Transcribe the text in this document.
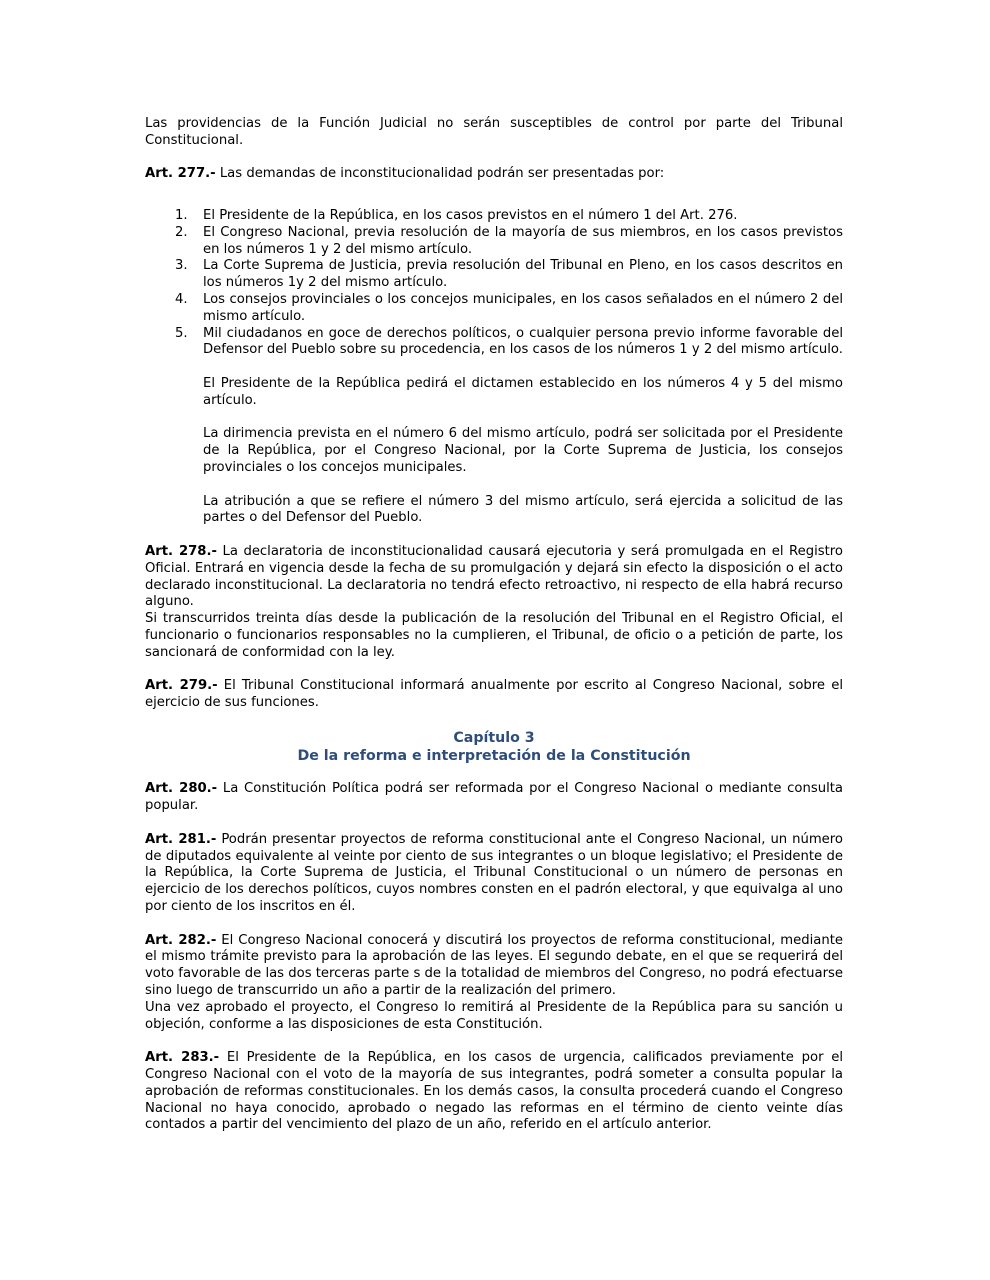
Las providencias de la Función Judicial no serán susceptibles de control por parte del Tribunal Constitucional.

Art. 277.- Las demandas de inconstitucionalidad podrán ser presentadas por:

1. El Presidente de la República, en los casos previstos en el número 1 del Art. 276.
2. El Congreso Nacional, previa resolución de la mayoría de sus miembros, en los casos previstos en los números 1 y 2 del mismo artículo.
3. La Corte Suprema de Justicia, previa resolución del Tribunal en Pleno, en los casos descritos en los números 1y 2 del mismo artículo.
4. Los consejos provinciales o los concejos municipales, en los casos señalados en el número 2 del mismo artículo.
5. Mil ciudadanos en goce de derechos políticos, o cualquier persona previo informe favorable del Defensor del Pueblo sobre su procedencia, en los casos de los números 1 y 2 del mismo artículo.

El Presidente de la República pedirá el dictamen establecido en los números 4 y 5 del mismo artículo.

La dirimencia prevista en el número 6 del mismo artículo, podrá ser solicitada por el Presidente de la República, por el Congreso Nacional, por la Corte Suprema de Justicia, los consejos provinciales o los concejos municipales.

La atribución a que se refiere el número 3 del mismo artículo, será ejercida a solicitud de las partes o del Defensor del Pueblo.

Art. 278.- La declaratoria de inconstitucionalidad causará ejecutoria y será promulgada en el Registro Oficial. Entrará en vigencia desde la fecha de su promulgación y dejará sin efecto la disposición o el acto declarado inconstitucional. La declaratoria no tendrá efecto retroactivo, ni respecto de ella habrá recurso alguno.

Si transcurridos treinta días desde la publicación de la resolución del Tribunal en el Registro Oficial, el funcionario o funcionarios responsables no la cumplieren, el Tribunal, de oficio o a petición de parte, los sancionará de conformidad con la ley.

Art. 279.- El Tribunal Constitucional informará anualmente por escrito al Congreso Nacional, sobre el ejercicio de sus funciones.

Capítulo 3
De la reforma e interpretación de la Constitución

Art. 280.- La Constitución Política podrá ser reformada por el Congreso Nacional o mediante consulta popular.

Art. 281.- Podrán presentar proyectos de reforma constitucional ante el Congreso Nacional, un número de diputados equivalente al veinte por ciento de sus integrantes o un bloque legislativo; el Presidente de la República, la Corte Suprema de Justicia, el Tribunal Constitucional o un número de personas en ejercicio de los derechos políticos, cuyos nombres consten en el padrón electoral, y que equivalga al uno por ciento de los inscritos en él.

Art. 282.- El Congreso Nacional conocerá y discutirá los proyectos de reforma constitucional, mediante el mismo trámite previsto para la aprobación de las leyes. El segundo debate, en el que se requerirá del voto favorable de las dos terceras parte s de la totalidad de miembros del Congreso, no podrá efectuarse sino luego de transcurrido un año a partir de la realización del primero.

Una vez aprobado el proyecto, el Congreso lo remitirá al Presidente de la República para su sanción u objeción, conforme a las disposiciones de esta Constitución.

Art. 283.- El Presidente de la República, en los casos de urgencia, calificados previamente por el Congreso Nacional con el voto de la mayoría de sus integrantes, podrá someter a consulta popular la aprobación de reformas constitucionales. En los demás casos, la consulta procederá cuando el Congreso Nacional no haya conocido, aprobado o negado las reformas en el término de ciento veinte días contados a partir del vencimiento del plazo de un año, referido en el artículo anterior.
